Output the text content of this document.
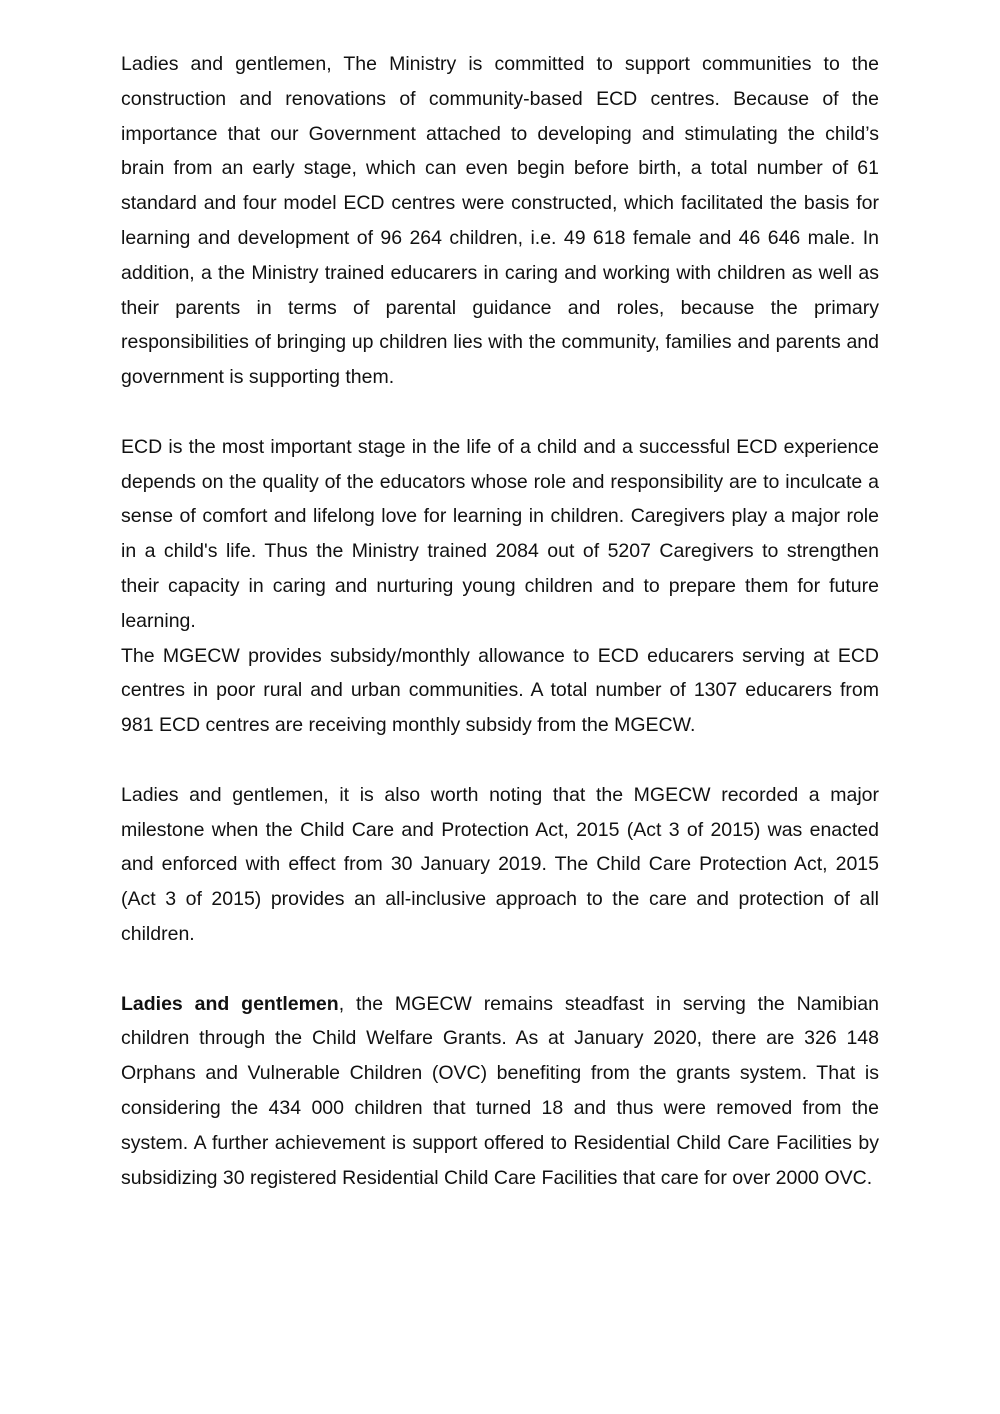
Ladies and gentlemen, The Ministry is committed to support communities to the construction and renovations of community-based ECD centres. Because of the importance that our Government attached to developing and stimulating the child’s brain from an early stage, which can even begin before birth, a total number of 61 standard and four model ECD centres were constructed, which facilitated the basis for learning and development of 96 264 children, i.e. 49 618 female and 46 646 male. In addition, a the Ministry trained educarers in caring and working with children as well as their parents in terms of parental guidance and roles, because the primary responsibilities of bringing up children lies with the community, families and parents and government is supporting them.

ECD is the most important stage in the life of a child and a successful ECD experience depends on the quality of the educators whose role and responsibility are to inculcate a sense of comfort and lifelong love for learning in children. Caregivers play a major role in a child's life. Thus the Ministry trained 2084 out of 5207 Caregivers to strengthen their capacity in caring and nurturing young children and to prepare them for future learning.

The MGECW provides subsidy/monthly allowance to ECD educarers serving at ECD centres in poor rural and urban communities. A total number of 1307 educarers from 981 ECD centres are receiving monthly subsidy from the MGECW.

Ladies and gentlemen, it is also worth noting that the MGECW recorded a major milestone when the Child Care and Protection Act, 2015 (Act 3 of 2015) was enacted and enforced with effect from 30 January 2019. The Child Care Protection Act, 2015 (Act 3 of 2015) provides an all-inclusive approach to the care and protection of all children.

Ladies and gentlemen, the MGECW remains steadfast in serving the Namibian children through the Child Welfare Grants. As at January 2020, there are 326 148 Orphans and Vulnerable Children (OVC) benefiting from the grants system. That is considering the 434 000 children that turned 18 and thus were removed from the system. A further achievement is support offered to Residential Child Care Facilities by subsidizing 30 registered Residential Child Care Facilities that care for over 2000 OVC.
